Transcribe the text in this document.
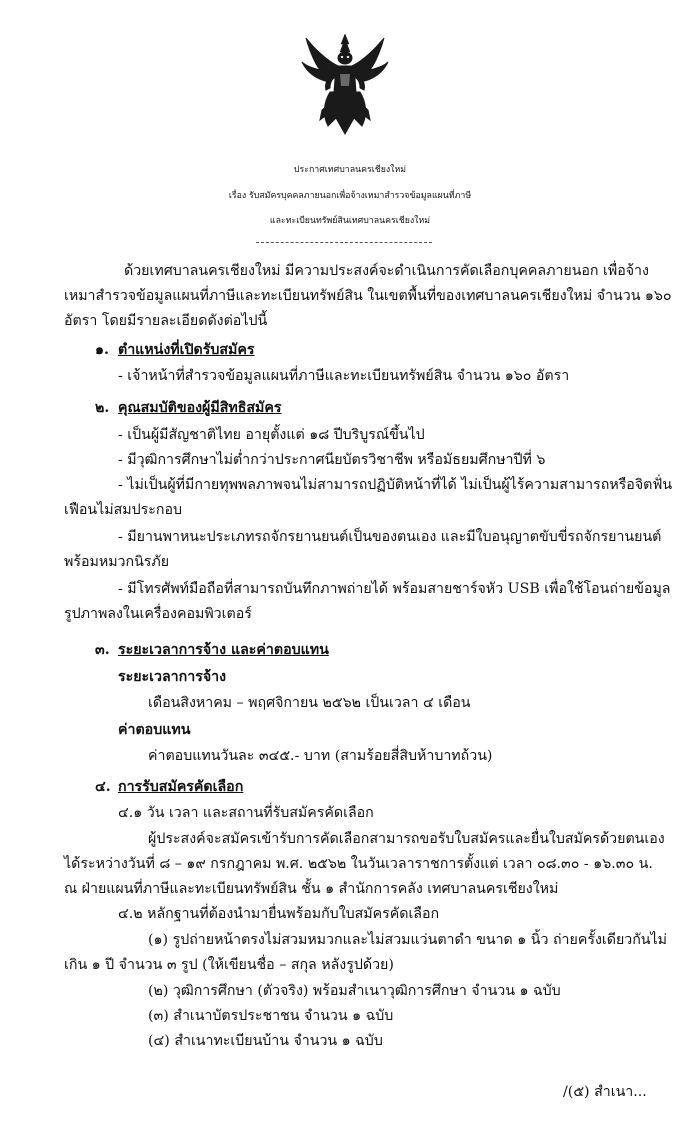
ประกาศเทศบาลนครเชียงใหม่
เรื่อง รับสมัครบุคคลภายนอกเพื่อจ้างเหมาสำรวจข้อมูลแผนที่ภาษี
และทะเบียนทรัพย์สินเทศบาลนครเชียงใหม่
ด้วยเทศบาลนครเชียงใหม่ มีความประสงค์จะดำเนินการคัดเลือกบุคคลภายนอก เพื่อจ้าง
เหมาสำรวจข้อมูลแผนที่ภาษีและทะเบียนทรัพย์สิน ในเขตพื้นที่ของเทศบาลนครเชียงใหม่ จำนวน ๑๖๐
อัตรา โดยมีรายละเอียดดังต่อไปนี้
๑. ตำแหน่งที่เปิดรับสมัคร
- เจ้าหน้าที่สำรวจข้อมูลแผนที่ภาษีและทะเบียนทรัพย์สิน จำนวน ๑๖๐ อัตรา
๒. คุณสมบัติของผู้มีสิทธิสมัคร
- เป็นผู้มีสัญชาติไทย อายุตั้งแต่ ๑๘ ปีบริบูรณ์ขึ้นไป
- มีวุฒิการศึกษาไม่ต่ำกว่าประกาศนียบัตรวิชาชีพ หรือมัธยมศึกษาปีที่ ๖
- ไม่เป็นผู้ที่มีกายทุพพลภาพจนไม่สามารถปฏิบัติหน้าที่ได้ ไม่เป็นผู้ไร้ความสามารถหรือจิตฟั่น
เฟือนไม่สมประกอบ
- มียานพาหนะประเภทรถจักรยานยนต์เป็นของตนเอง และมีใบอนุญาตขับขี่รถจักรยานยนต์
พร้อมหมวกนิรภัย
- มีโทรศัพท์มือถือที่สามารถบันทึกภาพถ่ายได้ พร้อมสายชาร์จหัว USB เพื่อใช้โอนถ่ายข้อมูล
รูปภาพลงในเครื่องคอมพิวเตอร์
๓. ระยะเวลาการจ้าง และค่าตอบแทน
ระยะเวลาการจ้าง
เดือนสิงหาคม – พฤศจิกายน ๒๕๖๒ เป็นเวลา ๔ เดือน
ค่าตอบแทน
ค่าตอบแทนวันละ ๓๔๕.- บาท (สามร้อยสี่สิบห้าบาทถ้วน)
๔. การรับสมัครคัดเลือก
๔.๑ วัน เวลา และสถานที่รับสมัครคัดเลือก
ผู้ประสงค์จะสมัครเข้ารับการคัดเลือกสามารถขอรับใบสมัครและยื่นใบสมัครด้วยตนเอง
ได้ระหว่างวันที่ ๘ – ๑๙ กรกฎาคม พ.ศ. ๒๕๖๒ ในวันเวลาราชการตั้งแต่ เวลา ๐๘.๓๐ - ๑๖.๓๐ น.
ณ ฝ่ายแผนที่ภาษีและทะเบียนทรัพย์สิน ชั้น ๑ สำนักการคลัง เทศบาลนครเชียงใหม่
๔.๒ หลักฐานที่ต้องนำมายื่นพร้อมกับใบสมัครคัดเลือก
(๑) รูปถ่ายหน้าตรงไม่สวมหมวกและไม่สวมแว่นตาดำ ขนาด ๑ นิ้ว ถ่ายครั้งเดียวกันไม่
เกิน ๑ ปี จำนวน ๓ รูป (ให้เขียนชื่อ – สกุล หลังรูปด้วย)
(๒) วุฒิการศึกษา (ตัวจริง) พร้อมสำเนาวุฒิการศึกษา จำนวน ๑ ฉบับ
(๓) สำเนาบัตรประชาชน จำนวน ๑ ฉบับ
(๔) สำเนาทะเบียนบ้าน จำนวน ๑ ฉบับ
/(๕) สำเนา...
